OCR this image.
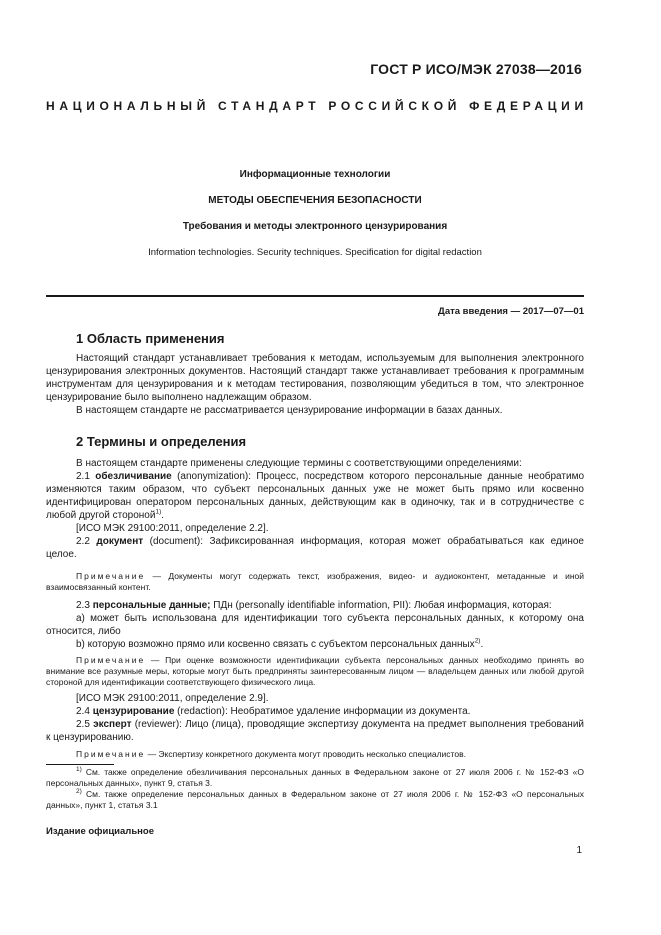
ГОСТ Р ИСО/МЭК 27038—2016
НАЦИОНАЛЬНЫЙ СТАНДАРТ РОССИЙСКОЙ ФЕДЕРАЦИИ
Информационные технологии
МЕТОДЫ ОБЕСПЕЧЕНИЯ БЕЗОПАСНОСТИ
Требования и методы электронного цензурирования
Information technologies. Security techniques. Specification for digital redaction
Дата введения — 2017—07—01
1 Область применения

Настоящий стандарт устанавливает требования к методам, используемым для выполнения электронного цензурирования электронных документов. Настоящий стандарт также устанавливает требования к программным инструментам для цензурирования и к методам тестирования, позволяющим убедиться в том, что электронное цензурирование было выполнено надлежащим образом.

В настоящем стандарте не рассматривается цензурирование информации в базах данных.

2 Термины и определения

В настоящем стандарте применены следующие термины с соответствующими определениями:

2.1 обезличивание (anonymization): Процесс, посредством которого персональные данные необратимо изменяются таким образом, что субъект персональных данных уже не может быть прямо или косвенно идентифицирован оператором персональных данных, действующим как в одиночку, так и в сотрудничестве с любой другой стороной$^{1)}$.

[ИСО МЭК 29100:2011, определение 2.2].

2.2 документ (document): Зафиксированная информация, которая может обрабатываться как единое целое.

Примечание — Документы могут содержать текст, изображения, видео- и аудиоконтент, метаданные и иной взаимосвязанный контент.

2.3 персональные данные; ПДн (personally identifiable information, PII): Любая информация, которая:

а) может быть использована для идентификации того субъекта персональных данных, к которому она относится, либо

b) которую возможно прямо или косвенно связать с субъектом персональных данных$^{2)}$.

Примечание — При оценке возможности идентификации субъекта персональных данных необходимо принять во внимание все разумные меры, которые могут быть предприняты заинтересованным лицом — владельцем данных или любой другой стороной для идентификации соответствующего физического лица.

[ИСО МЭК 29100:2011, определение 2.9].

2.4 цензурирование (redaction): Необратимое удаление информации из документа.

2.5 эксперт (reviewer): Лицо (лица), проводящие экспертизу документа на предмет выполнения требований к цензурированию.

Примечание — Экспертизу конкретного документа могут проводить несколько специалистов.

$^{1)}$ См. также определение обезличивания персональных данных в Федеральном законе от 27 июля 2006 г. № 152-ФЗ «О персональных данных», пункт 9, статья 3.

$^{2)}$ См. также определение персональных данных в Федеральном законе от 27 июля 2006 г. № 152-ФЗ «О персональных данных», пункт 1, статья 3.1

Издание официальное
1
